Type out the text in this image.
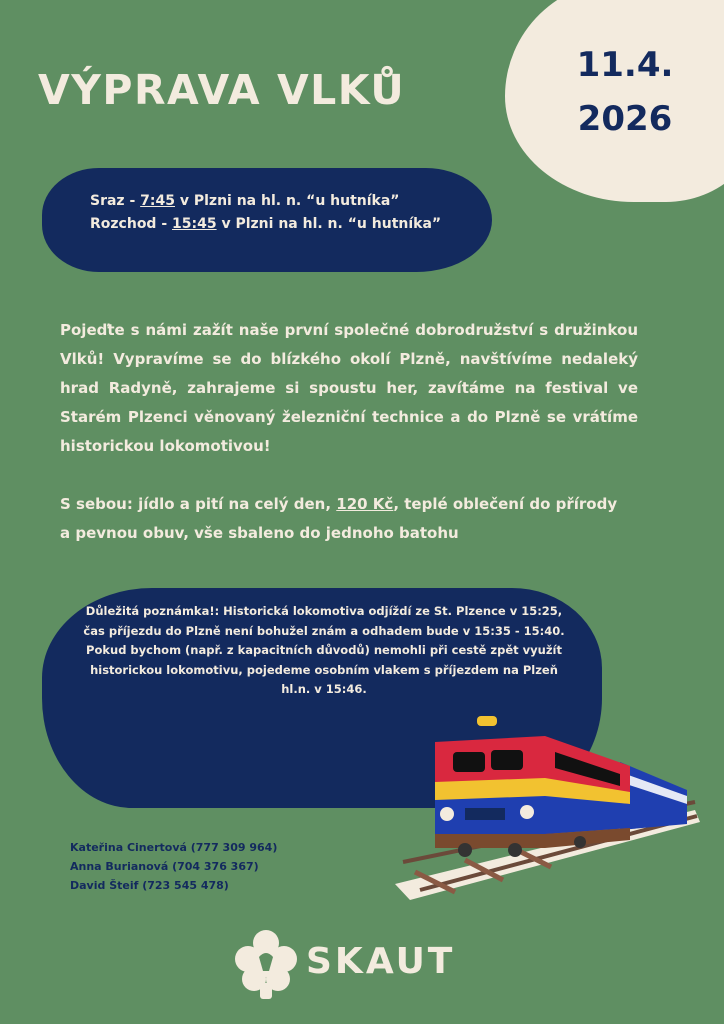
11.4.
2026
VÝPRAVA VLKŮ
Sraz - 7:45 v Plzni na hl. n. “u hutníka”
Rozchod - 15:45 v Plzni na hl. n. “u hutníka”

Pojeďte s námi zažít naše první společné dobrodružství s družinkou Vlků! Vypravíme se do blízkého okolí Plzně, navštívíme nedaleký hrad Radyně, zahrajeme si spoustu her, zavítáme na festival ve Starém Plzenci věnovaný železniční technice a do Plzně se vrátíme historickou lokomotivou!

S sebou: jídlo a pití na celý den, 120 Kč, teplé oblečení do přírody a pevnou obuv, vše sbaleno do jednoho batohu

Důležitá poznámka!: Historická lokomotiva odjíždí ze St. Plzence v 15:25, čas příjezdu do Plzně není bohužel znám a odhadem bude v 15:35 - 15:40. Pokud bychom (např. z kapacitních důvodů) nemohli při cestě zpět využít historickou lokomotivu, pojedeme osobním vlakem s příjezdem na Plzeň hl.n. v 15:46.

Kateřina Cinertová (777 309 964)
Anna Burianová (704 376 367)
David Šteif (723 545 478)
SKAUT
